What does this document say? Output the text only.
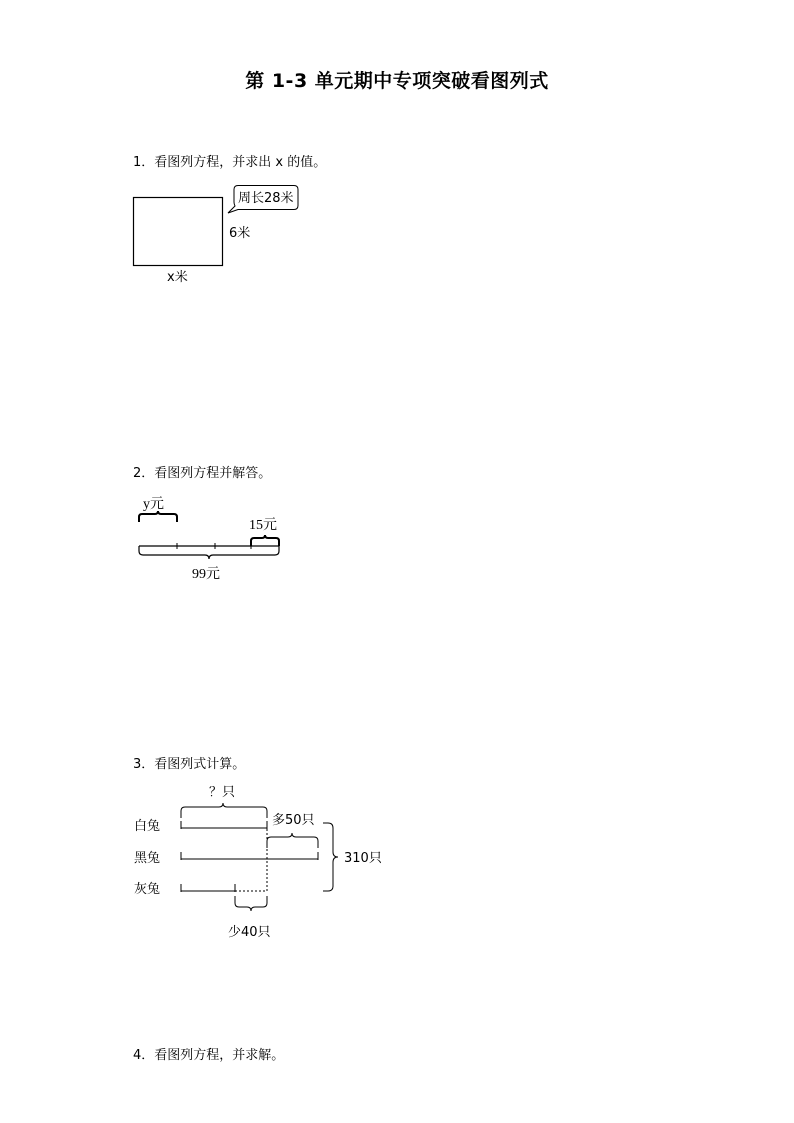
第 1-3 单元期中专项突破看图列式
1．看图列方程，并求出 x 的值。
周长28米
6米
x米
2．看图列方程并解答。
y元
15元
99元
3．看图列式计算。
？只
白兔	多50只
黑兔
灰兔
少40只
310只
4．看图列方程，并求解。
